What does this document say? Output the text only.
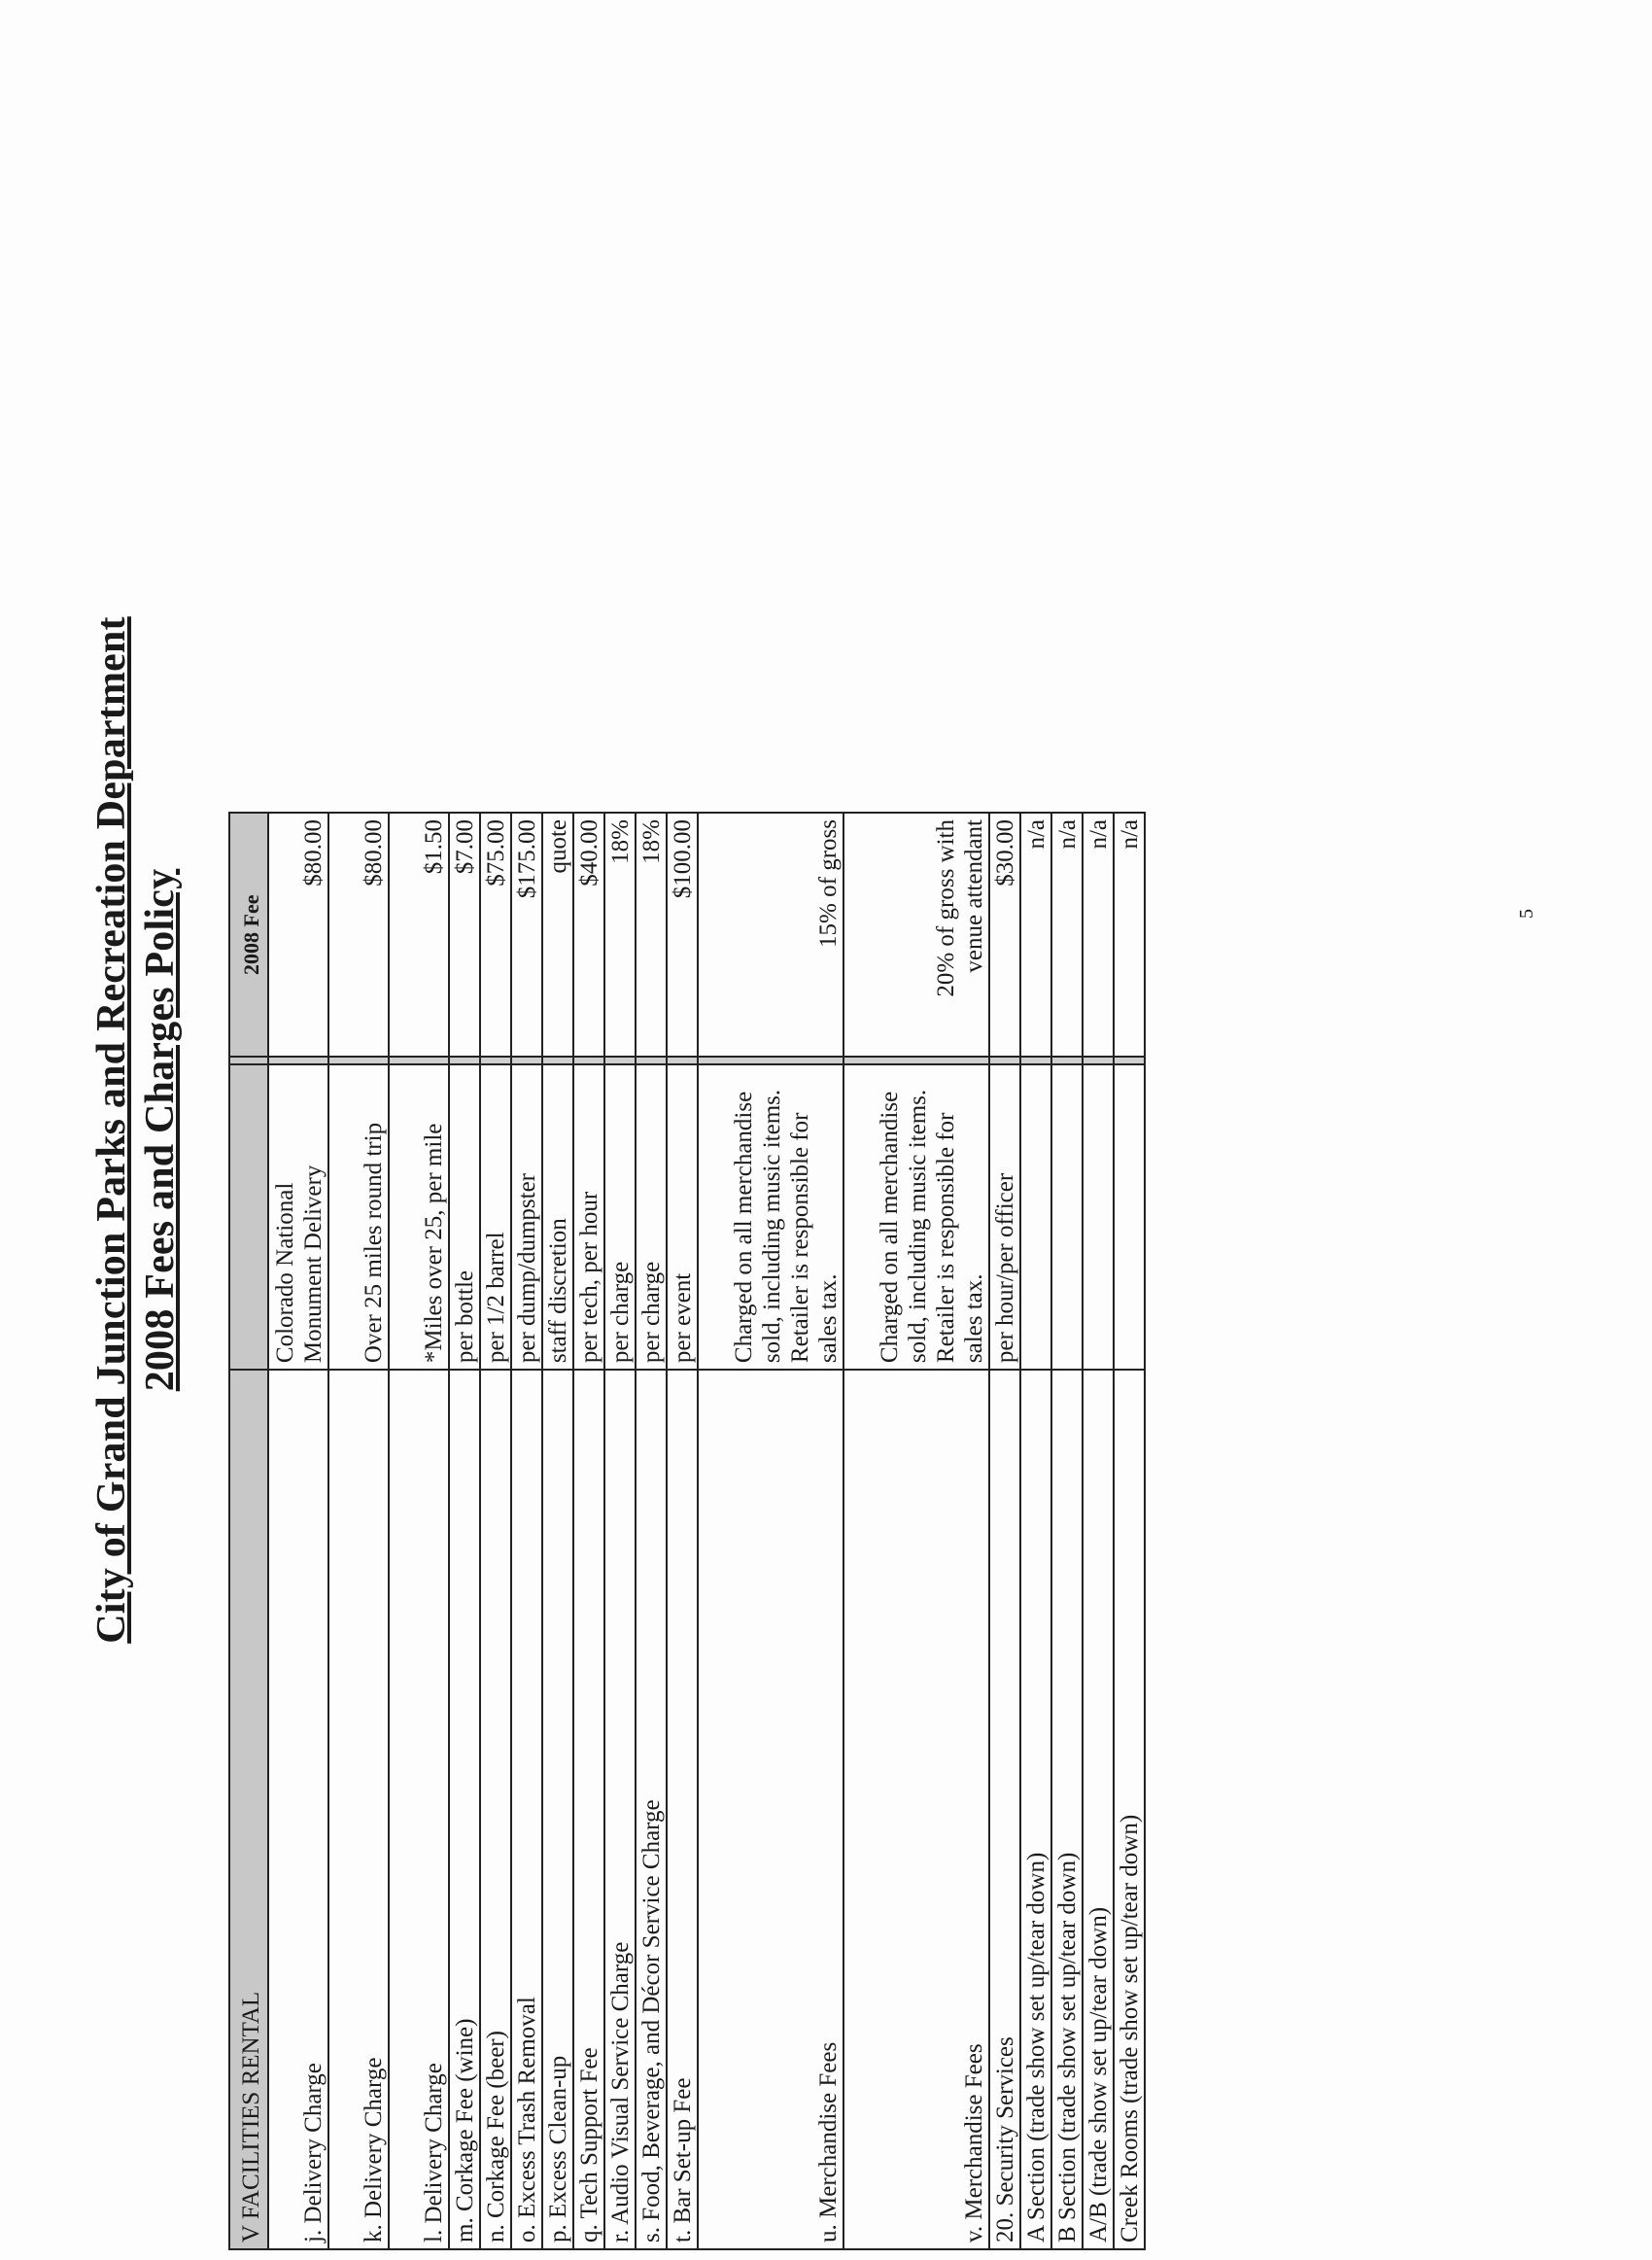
City of Grand Junction Parks and Recreation Department 2008 Fees and Charges Policy
V FACILITIES RENTAL			2008 Fee
j. Delivery Charge	Colorado National Monument Delivery		$80.00
k. Delivery Charge	Over 25 miles round trip		$80.00
l. Delivery Charge	*Miles over 25, per mile		$1.50
m. Corkage Fee (wine)	per bottle		$7.00
n. Corkage Fee (beer)	per 1/2 barrel		$75.00
o. Excess Trash Removal	per dump/dumpster		$175.00
p. Excess Clean-up	staff discretion		quote
q. Tech Support Fee	per tech, per hour		$40.00
r. Audio Visual Service Charge	per charge		18%
s. Food, Beverage, and Décor Service Charge	per charge		18%
t. Bar Set-up Fee	per event		$100.00
u. Merchandise Fees	Charged on all merchandise sold, including music items. Retailer is responsible for sales tax.		15% of gross
v. Merchandise Fees	Charged on all merchandise sold, including music items. Retailer is responsible for sales tax.		20% of gross with venue attendant
20. Security Services	per hour/per officer		$30.00
A Section (trade show set up/tear down)			n/a
B Section (trade show set up/tear down)			n/a
A/B (trade show set up/tear down)			n/a
Creek Rooms (trade show set up/tear down)			n/a
5
